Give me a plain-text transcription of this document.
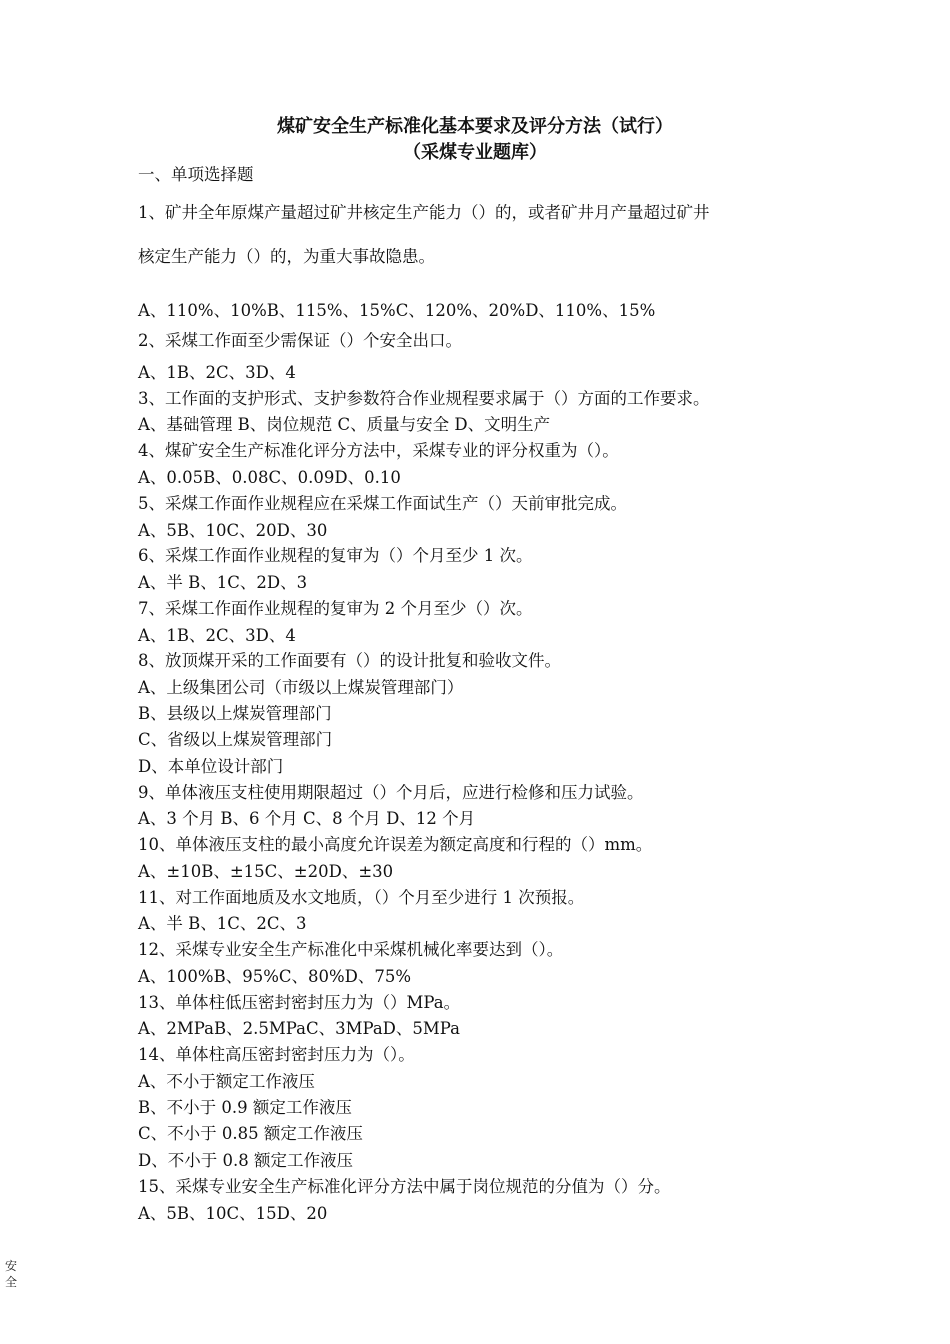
煤矿安全生产标准化基本要求及评分方法（试行）
（采煤专业题库）
一、单项选择题
1、矿井全年原煤产量超过矿井核定生产能力（）的，或者矿井月产量超过矿井
核定生产能力（）的，为重大事故隐患。
A、110%、10%B、115%、15%C、120%、20%D、110%、15%
2、采煤工作面至少需保证（）个安全出口。
A、1B、2C、3D、4
3、工作面的支护形式、支护参数符合作业规程要求属于（）方面的工作要求。
A、基础管理 B、岗位规范 C、质量与安全 D、文明生产
4、煤矿安全生产标准化评分方法中，采煤专业的评分权重为（）。
A、0.05B、0.08C、0.09D、0.10
5、采煤工作面作业规程应在采煤工作面试生产（）天前审批完成。
A、5B、10C、20D、30
6、采煤工作面作业规程的复审为（）个月至少 1 次。
A、半 B、1C、2D、3
7、采煤工作面作业规程的复审为 2 个月至少（）次。
A、1B、2C、3D、4
8、放顶煤开采的工作面要有（）的设计批复和验收文件。
A、上级集团公司（市级以上煤炭管理部门）
B、县级以上煤炭管理部门
C、省级以上煤炭管理部门
D、本单位设计部门
9、单体液压支柱使用期限超过（）个月后，应进行检修和压力试验。
A、3 个月 B、6 个月 C、8 个月 D、12 个月
10、单体液压支柱的最小高度允许误差为额定高度和行程的（）mm。
A、±10B、±15C、±20D、±30
11、对工作面地质及水文地质，（）个月至少进行 1 次预报。
A、半 B、1C、2C、3
12、采煤专业安全生产标准化中采煤机械化率要达到（）。
A、100%B、95%C、80%D、75%
13、单体柱低压密封密封压力为（）MPa。
A、2MPaB、2.5MPaC、3MPaD、5MPa
14、单体柱高压密封密封压力为（）。
A、不小于额定工作液压
B、不小于 0.9 额定工作液压
C、不小于 0.85 额定工作液压
D、不小于 0.8 额定工作液压
15、采煤专业安全生产标准化评分方法中属于岗位规范的分值为（）分。
A、5B、10C、15D、20
安全
